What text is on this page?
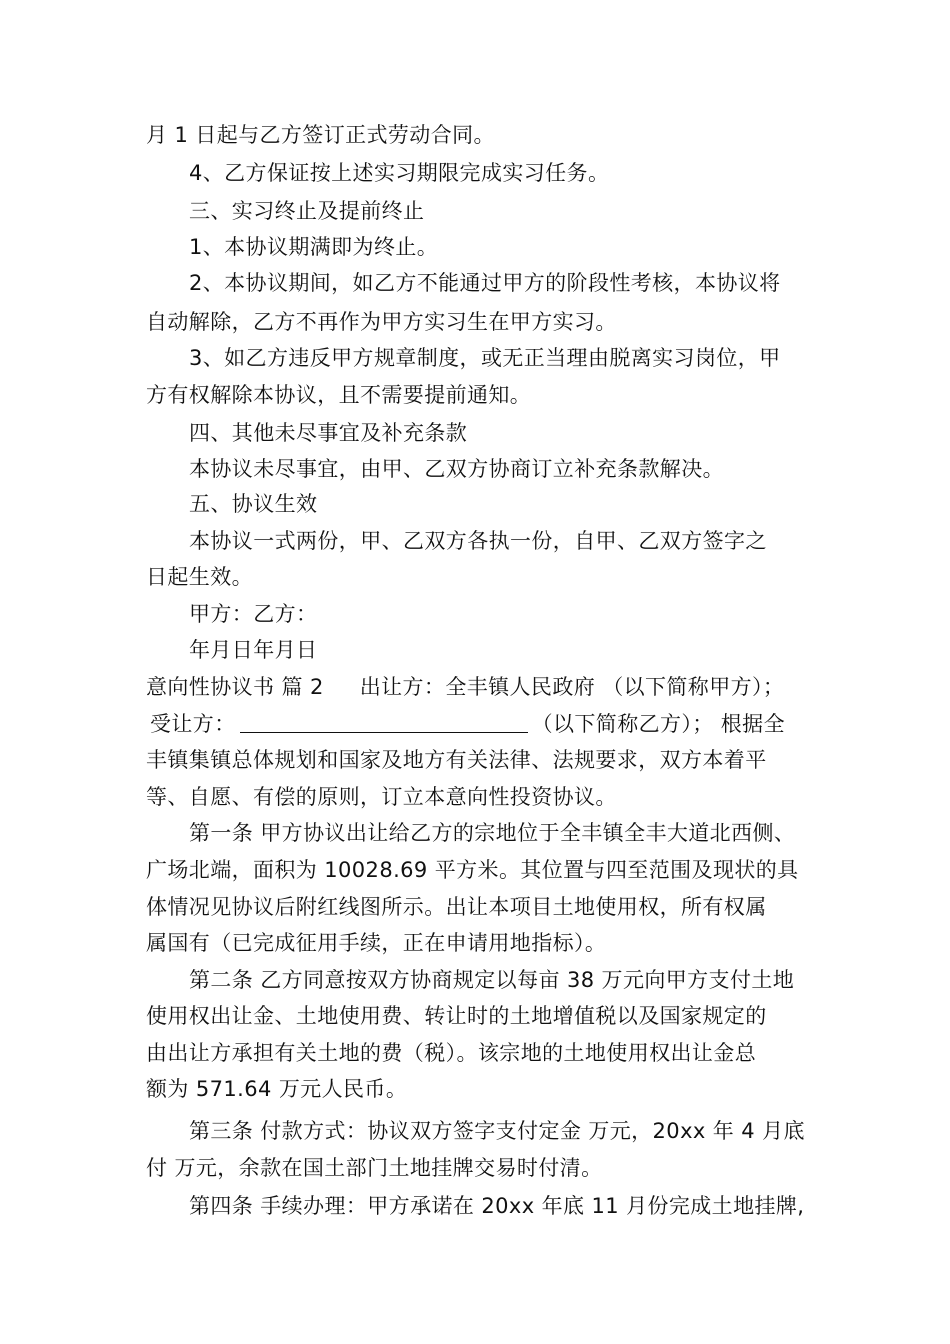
月 1 日起与乙方签订正式劳动合同。
4、乙方保证按上述实习期限完成实习任务。
三、实习终止及提前终止
1、本协议期满即为终止。
2、本协议期间，如乙方不能通过甲方的阶段性考核，本协议将
自动解除，乙方不再作为甲方实习生在甲方实习。
3、如乙方违反甲方规章制度，或无正当理由脱离实习岗位，甲
方有权解除本协议，且不需要提前通知。
四、其他未尽事宜及补充条款
本协议未尽事宜，由甲、乙双方协商订立补充条款解决。
五、协议生效
本协议一式两份，甲、乙双方各执一份，自甲、乙双方签字之
日起生效。
甲方：乙方：
年月日年月日
意向性协议书 篇 2 出让方：全丰镇人民政府 （以下简称甲方）；
受让方：	（以下简称乙方）； 根据全
丰镇集镇总体规划和国家及地方有关法律、法规要求，双方本着平
等、自愿、有偿的原则，订立本意向性投资协议。
第一条 甲方协议出让给乙方的宗地位于全丰镇全丰大道北西侧、
广场北端，面积为 10028.69 平方米。其位置与四至范围及现状的具
体情况见协议后附红线图所示。出让本项目土地使用权，所有权属
属国有（已完成征用手续，正在申请用地指标）。
第二条 乙方同意按双方协商规定以每亩 38 万元向甲方支付土地
使用权出让金、土地使用费、转让时的土地增值税以及国家规定的
由出让方承担有关土地的费（税）。该宗地的土地使用权出让金总
额为 571.64 万元人民币。
第三条 付款方式：协议双方签字支付定金 万元，20xx 年 4 月底
付 万元，余款在国土部门土地挂牌交易时付清。
第四条 手续办理：甲方承诺在 20xx 年底 11 月份完成土地挂牌,
